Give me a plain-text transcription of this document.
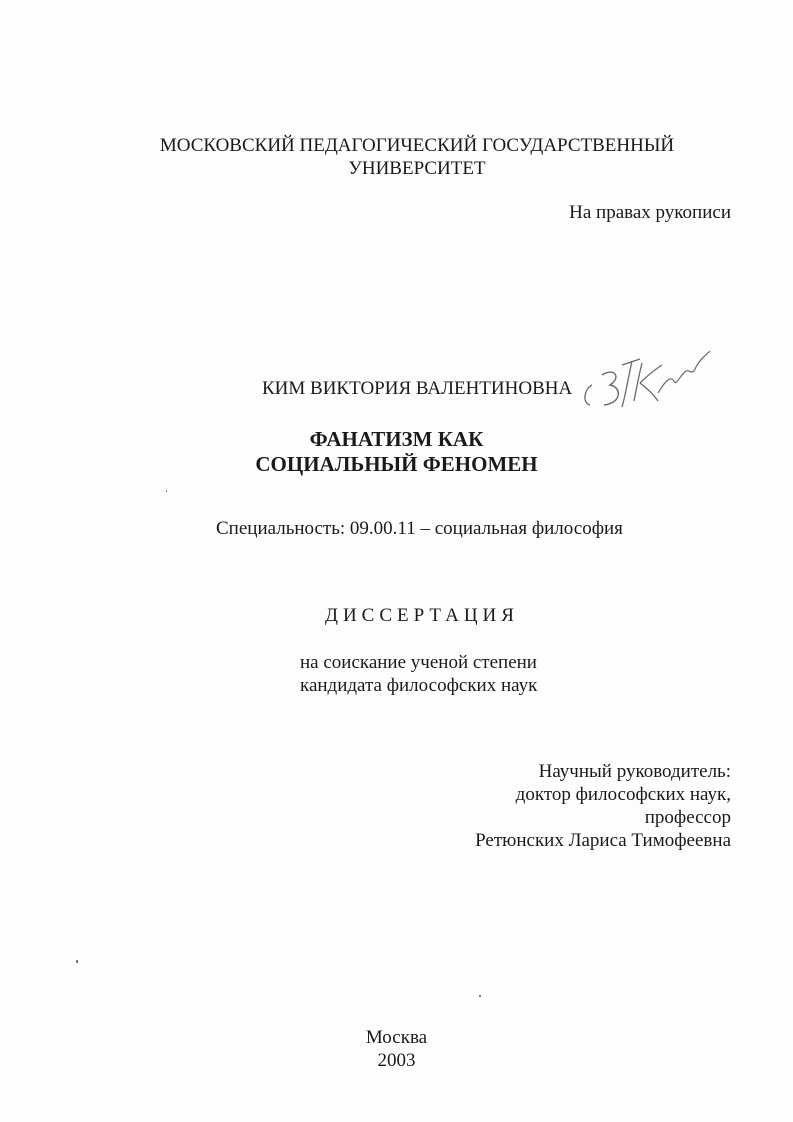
МОСКОВСКИЙ ПЕДАГОГИЧЕСКИЙ ГОСУДАРСТВЕННЫЙ
УНИВЕРСИТЕТ
На правах рукописи
КИМ ВИКТОРИЯ ВАЛЕНТИНОВНА
ФАНАТИЗМ КАК
СОЦИАЛЬНЫЙ ФЕНОМЕН
Специальность: 09.00.11 – социальная философия
ДИССЕРТАЦИЯ
на соискание ученой степени
кандидата философских наук
Научный руководитель:
доктор философских наук,
профессор
Ретюнских Лариса Тимофеевна
Москва
2003
